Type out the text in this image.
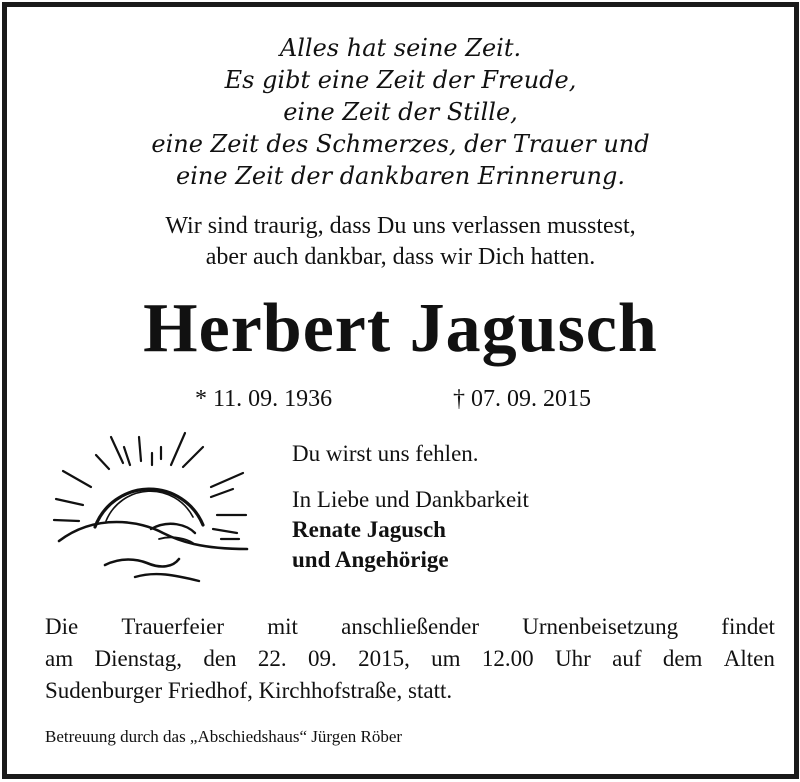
Alles hat seine Zeit.
Es gibt eine Zeit der Freude,
eine Zeit der Stille,
eine Zeit des Schmerzes, der Trauer und
eine Zeit der dankbaren Erinnerung.
Wir sind traurig, dass Du uns verlassen musstest,
aber auch dankbar, dass wir Dich hatten.
Herbert Jagusch
* 11. 09. 1936	† 07. 09. 2015
Du wirst uns fehlen.
In Liebe und Dankbarkeit
Renate Jagusch
und Angehörige
Die Trauerfeier mit anschließender Urnenbeisetzung findet
am Dienstag, den 22. 09. 2015, um 12.00 Uhr auf dem Alten
Sudenburger Friedhof, Kirchhofstraße, statt.
Betreuung durch das „Abschiedshaus“ Jürgen Röber
